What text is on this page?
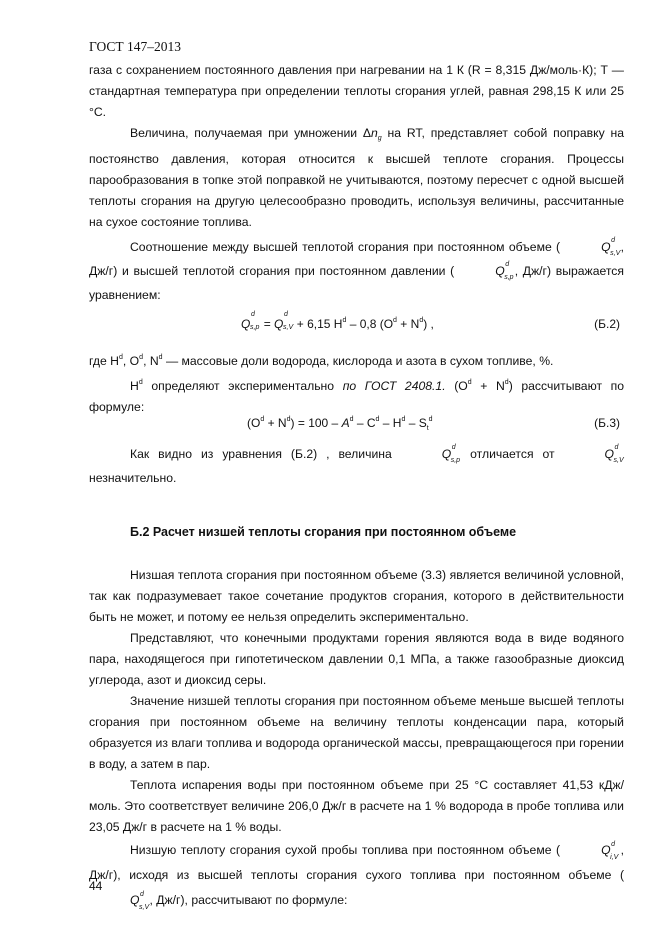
ГОСТ 147–2013

газа с сохранением постоянного давления при нагревании на 1 К (R = 8,315 Дж/моль·К); Т — стандартная температура при определении теплоты сгорания углей, равная 298,15 К или 25 °С.

Величина, получаемая при умножении $\Delta n_g$ на RT, представляет собой поправку на постоянство давления, которая относится к высшей теплоте сгорания. Процессы парообразования в топке этой поправкой не учитываются, поэтому пересчет с одной высшей теплоты сгорания на другую целесообразно проводить, используя величины, рассчитанные на сухое состояние топлива.

Соотношение между высшей теплотой сгорания при постоянном объеме (	Q d
s,V , Дж/г) и высшей теплотой сгорания при постоянном давлении (	Q d
s,p , Дж/г) выражается уравнением:

Q
d
s,p = Q
d
s,V + 6,15 $H^d - 0,8$ $(O^d + N^d)$ ,	(Б.2)

где $H^d$, $O^d$, $N^d$ — массовые доли водорода, кислорода и азота в сухом топливе, %.

$H^d$ определяют экспериментально по ГОСТ 2408.1. $(O^d + N^d)$ рассчитывают по формуле:

$(O^d + N^d) = 100 - A^d - C^d - H^d - S_t^d$	(Б.3)

Как видно из уравнения (Б.2) , величина	Q d
s,p отличается от	Q d
s,V
незначительно.

Б.2 Расчет низшей теплоты сгорания при постоянном объеме

Низшая теплота сгорания при постоянном объеме (3.3) является величиной условной, так как подразумевает такое сочетание продуктов сгорания, которого в действительности быть не может, и потому ее нельзя определить экспериментально.

Представляют, что конечными продуктами горения являются вода в виде водяного пара, находящегося при гипотетическом давлении 0,1 МПа, а также газообразные диоксид углерода, азот и диоксид серы.

Значение низшей теплоты сгорания при постоянном объеме меньше высшей теплоты сгорания при постоянном объеме на величину теплоты конденсации пара, который образуется из влаги топлива и водорода органической массы, превращающегося при горении в воду, а затем в пар.

Теплота испарения воды при постоянном объеме при 25 °С составляет 41,53 кДж/моль. Это соответствует величине 206,0 Дж/г в расчете на 1 % водорода в пробе топлива или 23,05 Дж/г в расчете на 1 % воды.

Низшую теплоту сгорания сухой пробы топлива при постоянном объеме (	Q d
i,V
, Дж/г), исходя из высшей теплоты сгорания сухого топлива при постоянном объеме (Q d
s,V
, Дж/г), рассчитывают по формуле:

44
